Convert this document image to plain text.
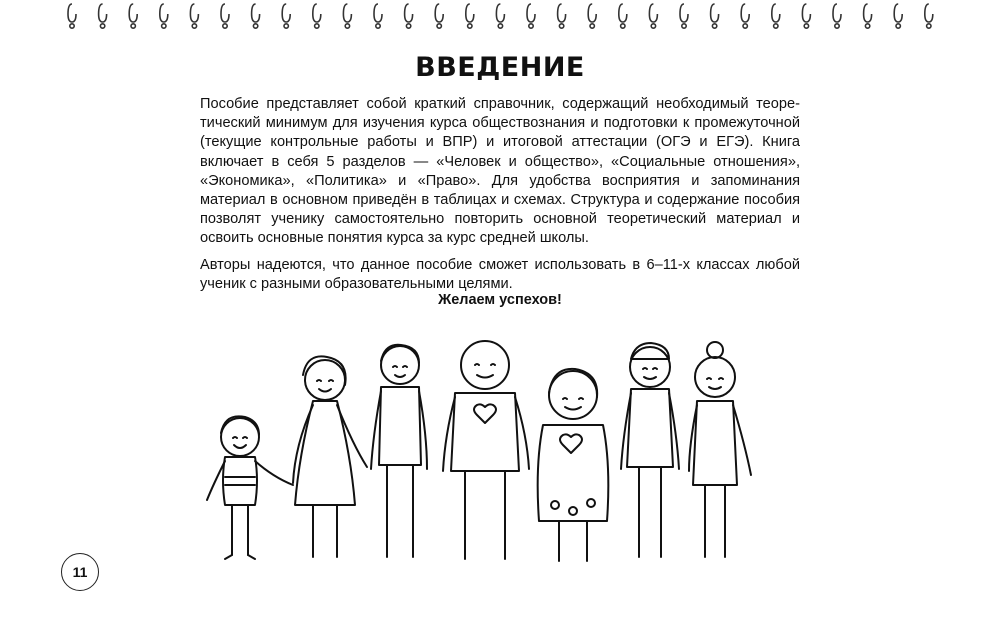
ВВЕДЕНИЕ

Пособие представляет собой краткий справочник, содержащий необходимый теоретический минимум для изучения курса обществознания и подготовки к промежуточной (текущие контрольные работы и ВПР) и итоговой аттестации (ОГЭ и ЕГЭ). Книга включает в себя 5 разделов — «Человек и общество», «Социальные отношения», «Экономика», «Политика» и «Право». Для удобства восприятия и запоминания материал в основном приведён в таблицах и схемах. Структура и содержание пособия позволят ученику самостоятельно повторить основной теоретический материал и освоить основные понятия курса за курс средней школы.

Авторы надеются, что данное пособие сможет использовать в 6–11-х классах любой ученик с разными образовательными целями.

Желаем успехов!
11
